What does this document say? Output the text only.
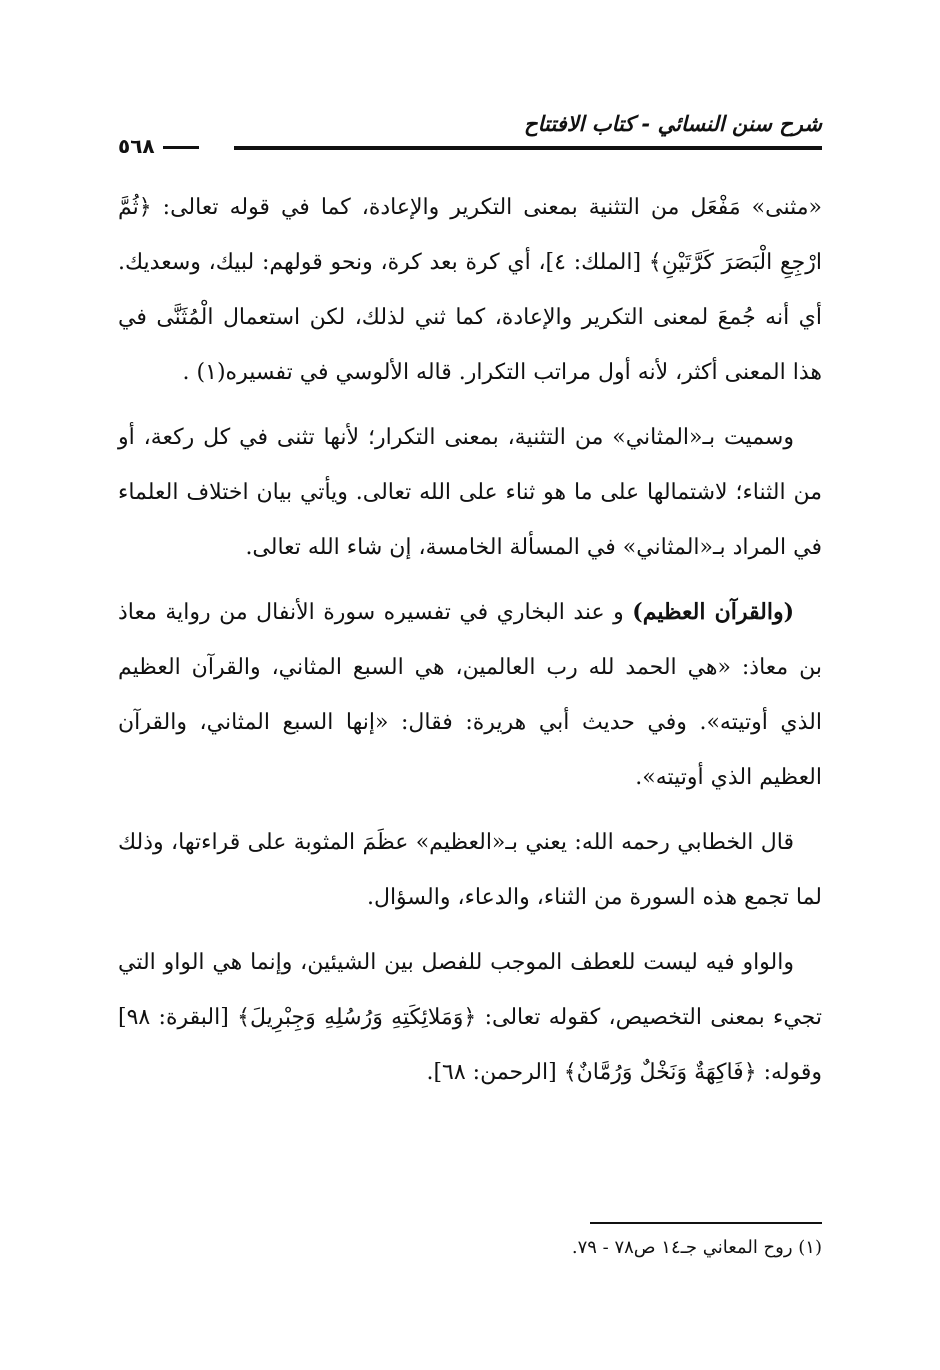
٥٦٨
شرح سنن النسائي - كتاب الافتتاح

«مثنى» مَفْعَل من التثنية بمعنى التكرير والإعادة، كما في قوله تعالى: ﴿ثُمَّ ارْجِعِ الْبَصَرَ كَرَّتَيْنِ﴾ [الملك: ٤]، أي كرة بعد كرة، ونحو قولهم: لبيك، وسعديك. أي أنه جُمعَ لمعنى التكرير والإعادة، كما ثني لذلك، لكن استعمال الْمُثَنَّى في هذا المعنى أكثر، لأنه أول مراتب التكرار. قاله الألوسي في تفسيره(١) .

وسميت بـ«المثاني» من التثنية، بمعنى التكرار؛ لأنها تثنى في كل ركعة، أو من الثناء؛ لاشتمالها على ما هو ثناء على الله تعالى. ويأتي بيان اختلاف العلماء في المراد بـ«المثاني» في المسألة الخامسة، إن شاء الله تعالى.

(والقرآن العظيم) و عند البخاري في تفسيره سورة الأنفال من رواية معاذ بن معاذ: «هي الحمد لله رب العالمين، هي السبع المثاني، والقرآن العظيم الذي أوتيته». وفي حديث أبي هريرة: فقال: «إنها السبع المثاني، والقرآن العظيم الذي أوتيته».

قال الخطابي رحمه الله: يعني بـ«العظيم» عظَمَ المثوبة على قراءتها، وذلك لما تجمع هذه السورة من الثناء، والدعاء، والسؤال.

والواو فيه ليست للعطف الموجب للفصل بين الشيئين، وإنما هي الواو التي تجيء بمعنى التخصيص، كقوله تعالى: ﴿وَمَلائِكَتِهِ وَرُسُلِهِ وَجِبْرِيلَ﴾ [البقرة: ٩٨] وقوله: ﴿فَاكِهَةٌ وَنَخْلٌ وَرُمَّانٌ﴾ [الرحمن: ٦٨].

(١) روح المعاني جـ١٤ ص٧٨ - ٧٩.
